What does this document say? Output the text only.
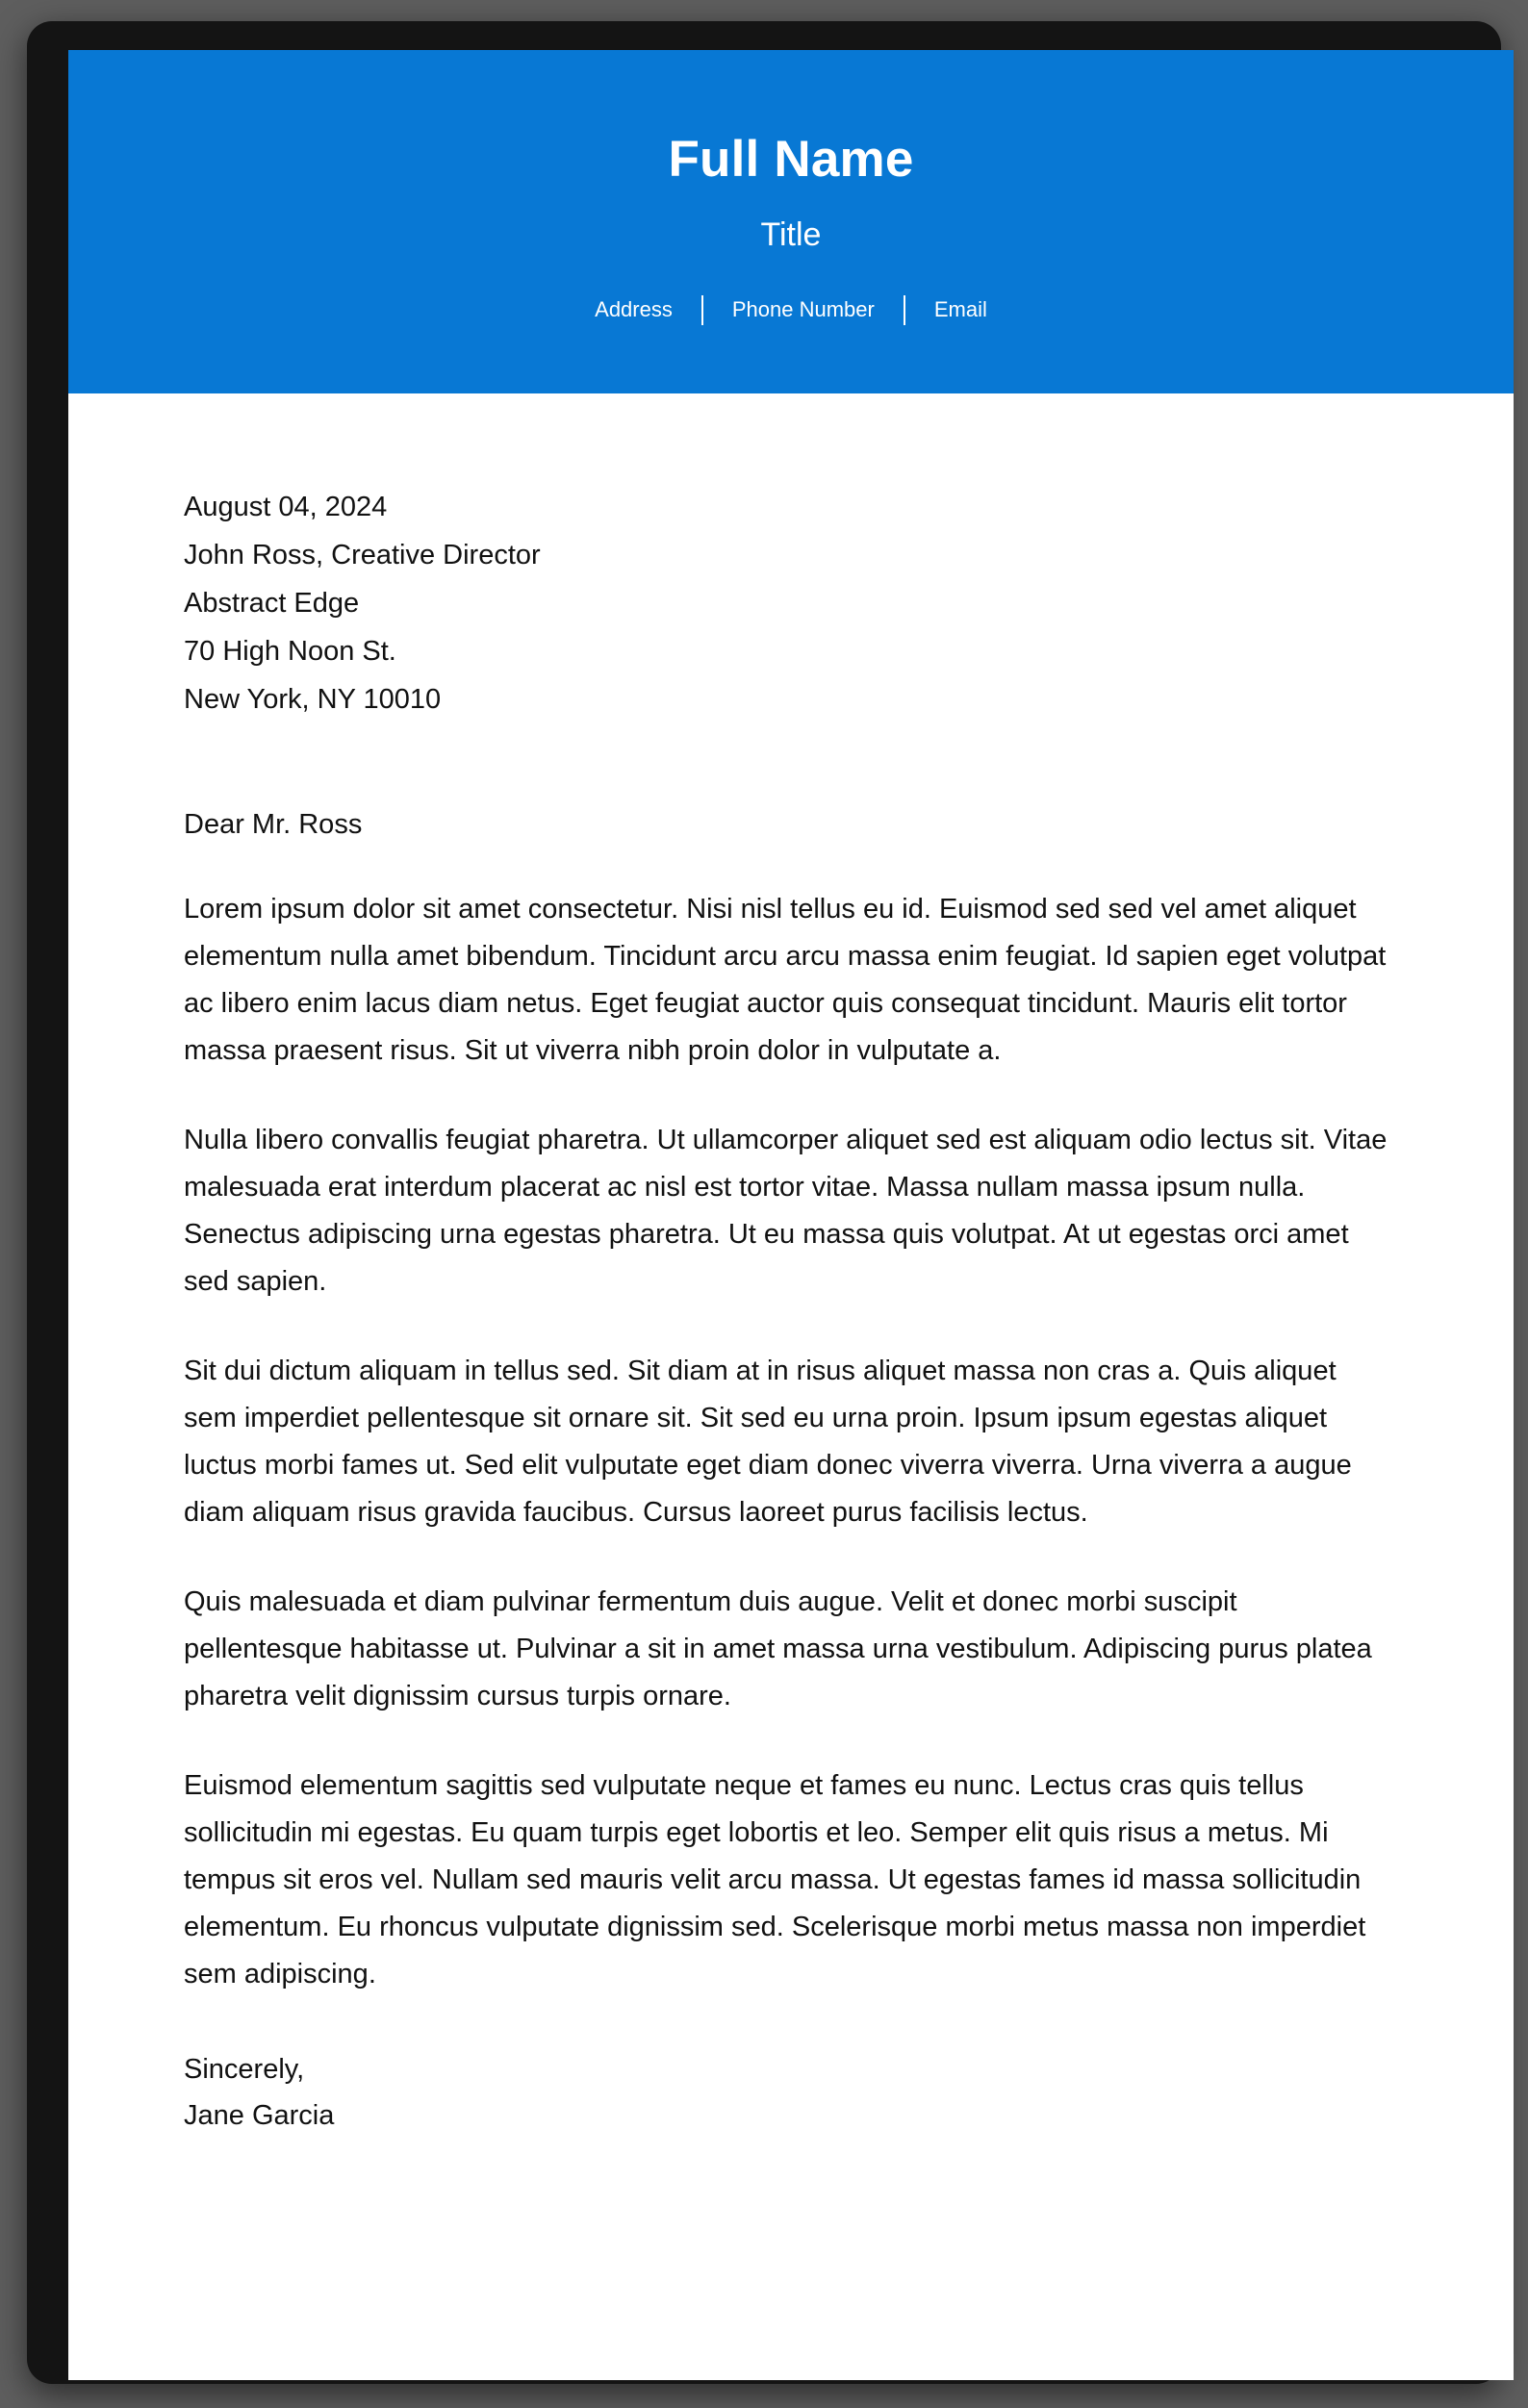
Full Name
Title
Address	Phone Number	Email
August 04, 2024
John Ross, Creative Director
Abstract Edge
70 High Noon St.
New York, NY 10010
Dear Mr. Ross

Lorem ipsum dolor sit amet consectetur. Nisi nisl tellus eu id. Euismod sed sed vel amet aliquet elementum nulla amet bibendum. Tincidunt arcu arcu massa enim feugiat. Id sapien eget volutpat ac libero enim lacus diam netus. Eget feugiat auctor quis consequat tincidunt. Mauris elit tortor massa praesent risus. Sit ut viverra nibh proin dolor in vulputate a.

Nulla libero convallis feugiat pharetra. Ut ullamcorper aliquet sed est aliquam odio lectus sit. Vitae malesuada erat interdum placerat ac nisl est tortor vitae. Massa nullam massa ipsum nulla. Senectus adipiscing urna egestas pharetra. Ut eu massa quis volutpat. At ut egestas orci amet sed sapien.

Sit dui dictum aliquam in tellus sed. Sit diam at in risus aliquet massa non cras a. Quis aliquet sem imperdiet pellentesque sit ornare sit. Sit sed eu urna proin. Ipsum ipsum egestas aliquet luctus morbi fames ut. Sed elit vulputate eget diam donec viverra viverra. Urna viverra a augue diam aliquam risus gravida faucibus. Cursus laoreet purus facilisis lectus.

Quis malesuada et diam pulvinar fermentum duis augue. Velit et donec morbi suscipit pellentesque habitasse ut. Pulvinar a sit in amet massa urna vestibulum. Adipiscing purus platea pharetra velit dignissim cursus turpis ornare.

Euismod elementum sagittis sed vulputate neque et fames eu nunc. Lectus cras quis tellus sollicitudin mi egestas. Eu quam turpis eget lobortis et leo. Semper elit quis risus a metus. Mi tempus sit eros vel. Nullam sed mauris velit arcu massa. Ut egestas fames id massa sollicitudin elementum. Eu rhoncus vulputate dignissim sed. Scelerisque morbi metus massa non imperdiet sem adipiscing.

Sincerely,
Jane Garcia
